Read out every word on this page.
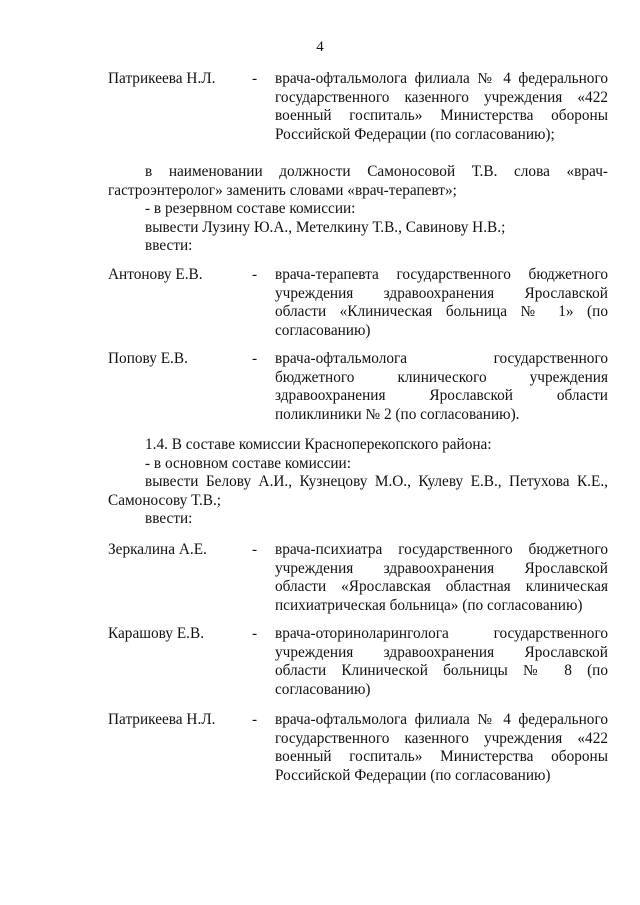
4
Патрикеева Н.Л. - врача-офтальмолога филиала № 4 федерального государственного казенного учреждения «422 военный госпиталь» Министерства обороны Российской Федерации (по согласованию);
в наименовании должности Самоносовой Т.В. слова «врач-гастроэнтеролог» заменить словами «врач-терапевт»;
- в резервном составе комиссии:
вывести Лузину Ю.А., Метелкину Т.В., Савинову Н.В.;
ввести:
Антонову Е.В.	- врача-терапевта государственного бюджетного учреждения здравоохранения Ярославской области «Клиническая больница № 1» (по согласованию)
Попову Е.В.	- врача-офтальмолога государственного бюджетного клинического учреждения здравоохранения Ярославской области поликлиники № 2 (по согласованию).
1.4. В составе комиссии Красноперекопского района:
- в основном составе комиссии:
вывести Белову А.И., Кузнецову М.О., Кулеву Е.В., Петухова К.Е., Самоносову Т.В.;
ввести:
Зеркалина А.Е.	- врача-психиатра государственного бюджетного учреждения здравоохранения Ярославской области «Ярославская областная клиническая психиатрическая больница» (по согласованию)
Карашову Е.В.	- врача-оториноларинголога государственного учреждения здравоохранения Ярославской области Клинической больницы № 8 (по согласованию)
Патрикеева Н.Л. - врача-офтальмолога филиала № 4 федерального государственного казенного учреждения «422 военный госпиталь» Министерства обороны Российской Федерации (по согласованию)
